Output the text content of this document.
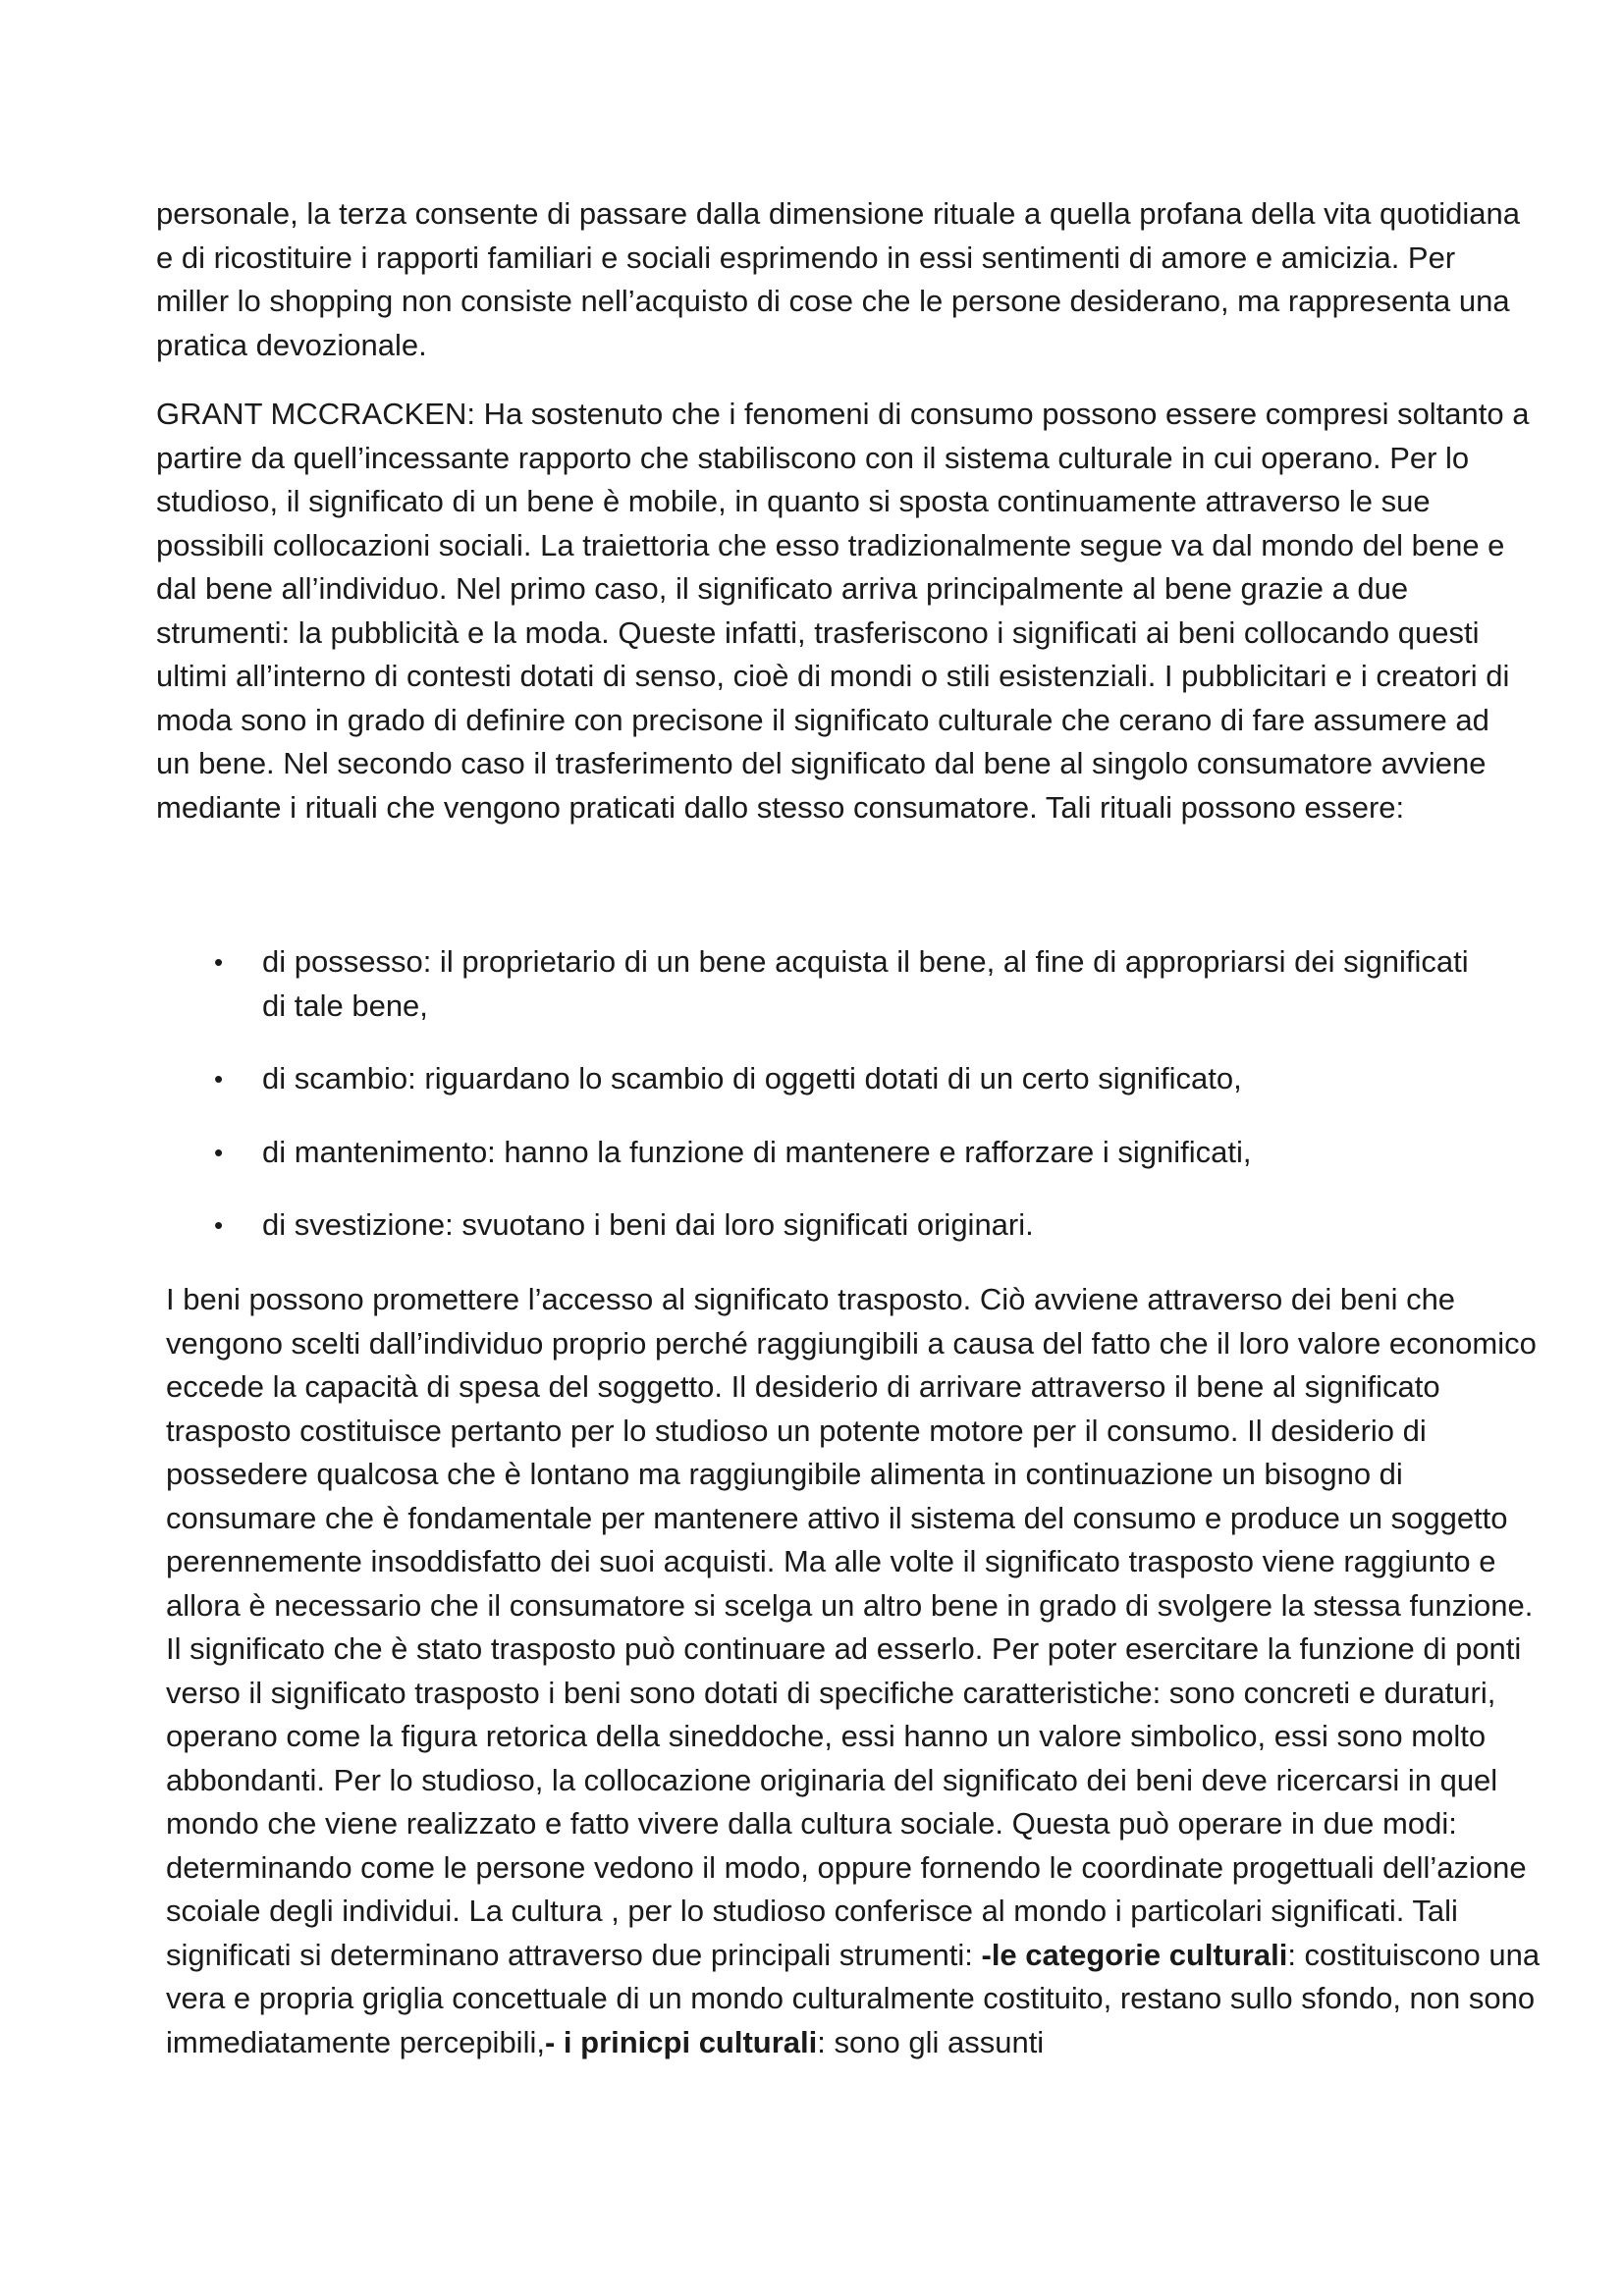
personale, la terza consente di passare dalla dimensione rituale a quella profana della vita quotidiana e di ricostituire i rapporti familiari e sociali esprimendo in essi sentimenti di amore e amicizia. Per miller lo shopping non consiste nell’acquisto di cose che le persone desiderano, ma rappresenta una pratica devozionale.

GRANT MCCRACKEN: Ha sostenuto che i fenomeni di consumo possono essere compresi soltanto a partire da quell’incessante rapporto che stabiliscono con il sistema culturale in cui operano. Per lo studioso, il significato di un bene è mobile, in quanto si sposta continuamente attraverso le sue possibili collocazioni sociali. La traiettoria che esso tradizionalmente segue va dal mondo del bene e dal bene all’individuo. Nel primo caso, il significato arriva principalmente al bene grazie a due strumenti: la pubblicità e la moda. Queste infatti, trasferiscono i significati ai beni collocando questi ultimi all’interno di contesti dotati di senso, cioè di mondi o stili esistenziali. I pubblicitari e i creatori di moda sono in grado di definire con precisone il significato culturale che cerano di fare assumere ad un bene. Nel secondo caso il trasferimento del significato dal bene al singolo consumatore avviene mediante i rituali che vengono praticati dallo stesso consumatore. Tali rituali possono essere:

• di possesso: il proprietario di un bene acquista il bene, al fine di appropriarsi dei significati di tale bene,
• di scambio: riguardano lo scambio di oggetti dotati di un certo significato,
• di mantenimento: hanno la funzione di mantenere e rafforzare i significati,
• di svestizione: svuotano i beni dai loro significati originari.

I beni possono promettere l’accesso al significato trasposto. Ciò avviene attraverso dei beni che vengono scelti dall’individuo proprio perché raggiungibili a causa del fatto che il loro valore economico eccede la capacità di spesa del soggetto. Il desiderio di arrivare attraverso il bene al significato trasposto costituisce pertanto per lo studioso un potente motore per il consumo. Il desiderio di possedere qualcosa che è lontano ma raggiungibile alimenta in continuazione un bisogno di consumare che è fondamentale per mantenere attivo il sistema del consumo e produce un soggetto perennemente insoddisfatto dei suoi acquisti. Ma alle volte il significato trasposto viene raggiunto e allora è necessario che il consumatore si scelga un altro bene in grado di svolgere la stessa funzione. Il significato che è stato trasposto può continuare ad esserlo. Per poter esercitare la funzione di ponti verso il significato trasposto i beni sono dotati di specifiche caratteristiche: sono concreti e duraturi, operano come la figura retorica della sineddoche, essi hanno un valore simbolico, essi sono molto abbondanti. Per lo studioso, la collocazione originaria del significato dei beni deve ricercarsi in quel mondo che viene realizzato e fatto vivere dalla cultura sociale. Questa può operare in due modi: determinando come le persone vedono il modo, oppure fornendo le coordinate progettuali dell’azione scoiale degli individui. La cultura , per lo studioso conferisce al mondo i particolari significati. Tali significati si determinano attraverso due principali strumenti: -le categorie culturali: costituiscono una vera e propria griglia concettuale di un mondo culturalmente costituito, restano sullo sfondo, non sono immediatamente percepibili,- i prinicpi culturali: sono gli assunti
